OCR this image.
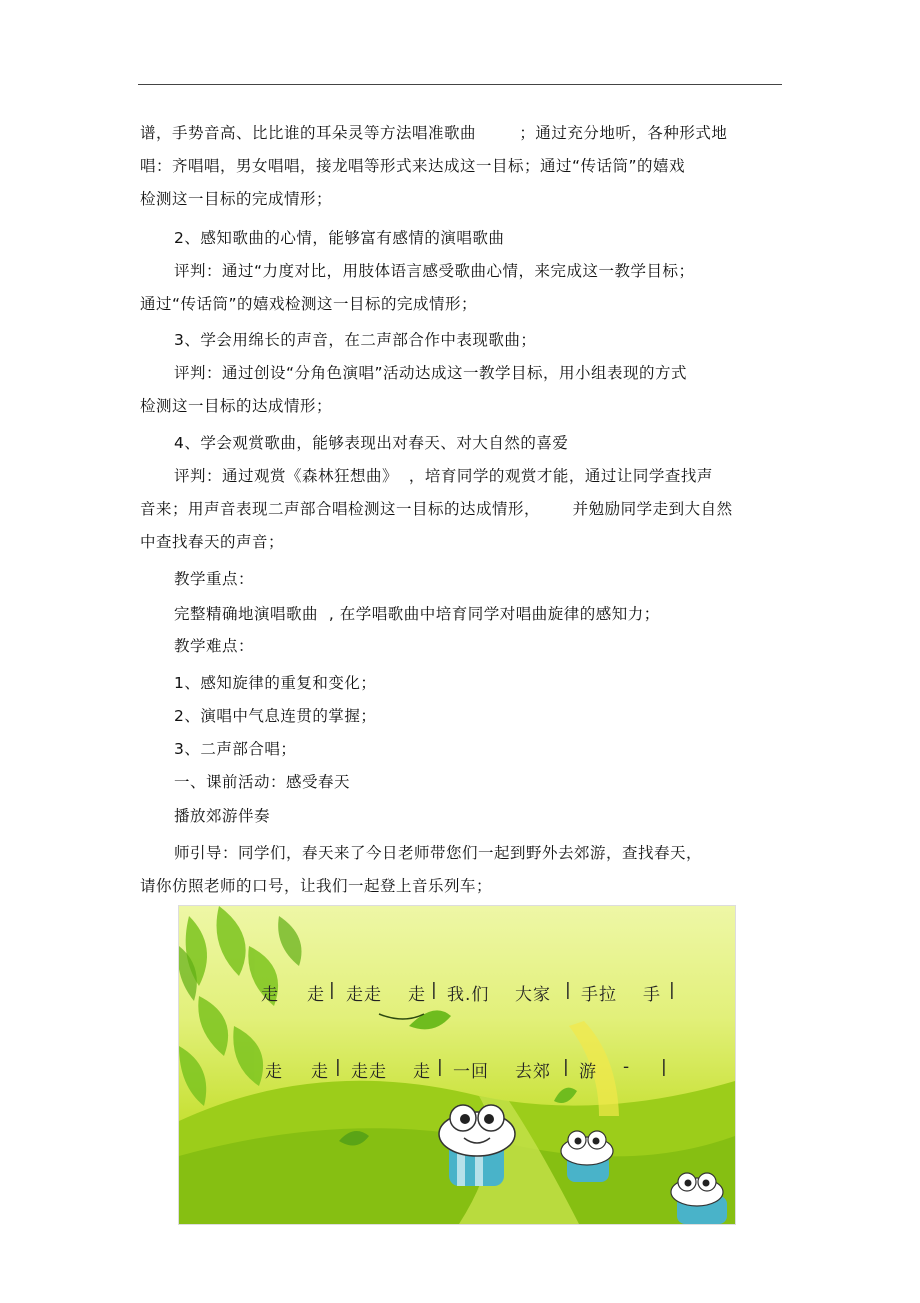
谱，手势音高、比比谁的耳朵灵等方法唱准歌曲        ；通过充分地听，各种形式地
唱：齐唱唱，男女唱唱，接龙唱等形式来达成这一目标；通过“传话筒”的嬉戏
检测这一目标的完成情形；
2、感知歌曲的心情，能够富有感情的演唱歌曲
评判：通过“力度对比，用肢体语言感受歌曲心情，来完成这一教学目标；
通过“传话筒”的嬉戏检测这一目标的完成情形；
3、学会用绵长的声音，在二声部合作中表现歌曲；
评判：通过创设“分角色演唱”活动达成这一教学目标，用小组表现的方式
检测这一目标的达成情形；
4、学会观赏歌曲，能够表现出对春天、对大自然的喜爱
评判：通过观赏《森林狂想曲》  ，培育同学的观赏才能，通过让同学查找声
音来；用声音表现二声部合唱检测这一目标的达成情形，      并勉励同学走到大自然
中查找春天的声音；
教学重点：
完整精确地演唱歌曲  , 在学唱歌曲中培育同学对唱曲旋律的感知力；
教学难点：
1、感知旋律的重复和变化；
2、演唱中气息连贯的掌握；
3、二声部合唱；
一、课前活动：感受春天
播放郊游伴奏
师引导：同学们，春天来了今日老师带您们一起到野外去郊游，查找春天，
请你仿照老师的口号，让我们一起登上音乐列车；
走 走 | 走走 走 | 我.们 大家 | 手拉 手 |
走 走 | 走走 走 | 一回 去郊 | 游 - |
